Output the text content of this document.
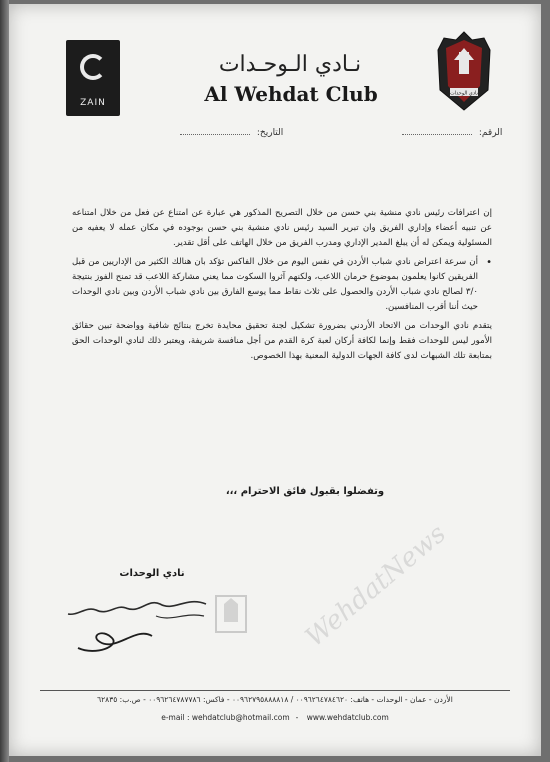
ZAIN
نادي الوحدات
نـادي الـوحـدات
Al Wehdat Club
الرقم:
التاريخ:

إن اعترافات رئيس نادي منشية بني حسن من خلال التصريح المذكور هي عبارة عن امتناع عن فعل من خلال امتناعه عن تنبيه أعضاء وإداري الفريق وان تبرير السيد رئيس نادي منشية بني حسن بوجوده في مكان عمله لا يعفيه من المسئولية ويمكن له أن يبلغ المدير الإداري ومدرب الفريق من خلال الهاتف على أقل تقدير.

• أن سرعة اعتراض نادي شباب الأردن في نفس اليوم من خلال الفاكس تؤكد بان هنالك الكثير من الإداريين من قبل الفريقين كانوا يعلمون بموضوع حرمان اللاعب، ولكنهم آثروا السكوت مما يعني مشاركة اللاعب قد تمنح الفوز بنتيجة ٣/٠ لصالح نادي شباب الأردن والحصول على ثلاث نقاط مما يوسع الفارق بين نادي شباب الأردن وبين نادي الوحدات حيث أننا أقرب المنافسين.

يتقدم نادي الوحدات من الاتحاد الأردني بضرورة تشكيل لجنة تحقيق محايدة تخرج بنتائج شافية وواضحة تبين حقائق الأمور ليس للوحدات فقط وإنما لكافة أركان لعبة كرة القدم من أجل منافسة شريفة، ويعتبر ذلك لنادي الوحدات الحق بمتابعة تلك الشبهات لدى كافة الجهات الدولية المعنية بهذا الخصوص.

وتفضلوا بقبول فائق الاحترام ،،،
نادي الوحدات	WehdatNews
الأردن - عمان - الوحدات - هاتف: ٠٠٩٦٢٦٤٧٨٤٦٢٠ / ٠٠٩٦٢٧٩٥٨٨٨٨١٨ - فاكس: ٠٠٩٦٢٦٤٧٨٧٧٨٦ - ص.ب: ٦٢٨٣٥
e-mail : wehdatclub@hotmail.com - www.wehdatclub.com
